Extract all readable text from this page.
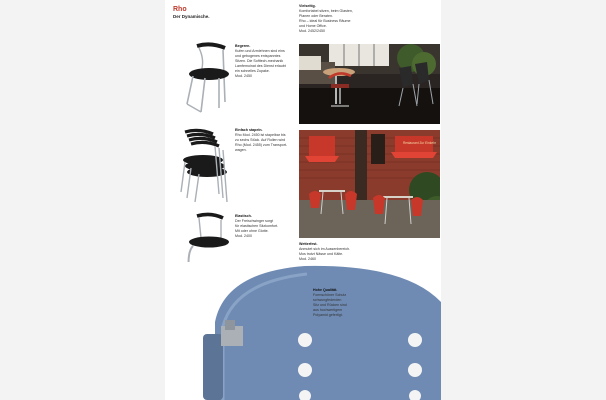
Rho
Der Dynamische.

Vielseitig.

Komfortabel sitzen, beim Glasten,

Planen oder Beraten.

Rho – ideal für Business Räume

und Home Office.

Mod. 2452/2450

Begeren.

Kufen und Armlehnen sind eins

und gebogenes entspanntes

Sitzen. Die Softtech-mechanik

Lamfemoinat des Dienst erlaubt

ein schnelles Zupake.

Mod. 2450

Einfach stapeln.

Rho Mod. 2450 ist stapelbar bis

zu sechs Stück. Auf Rollen wird

Rho (Mod. 2455) zum Transport-

wagen.

Restaurant Zur Einkehr

Elastisch.

Der Freischwinger sorgt

für elastischen Sitzkomfort.

Mit oder ohne Glotte.

Mod. 2400

Wetterfest.

Anmutet sich im Aussenbereich.

Mos trotzt Nässe und Kälte.

Mod. 2460

Hohe Qualität.

Formschöner Schutz

schwungfederden

Sitz und Rücken sind

aus hochwertigem

Polyamid gefertigt.
